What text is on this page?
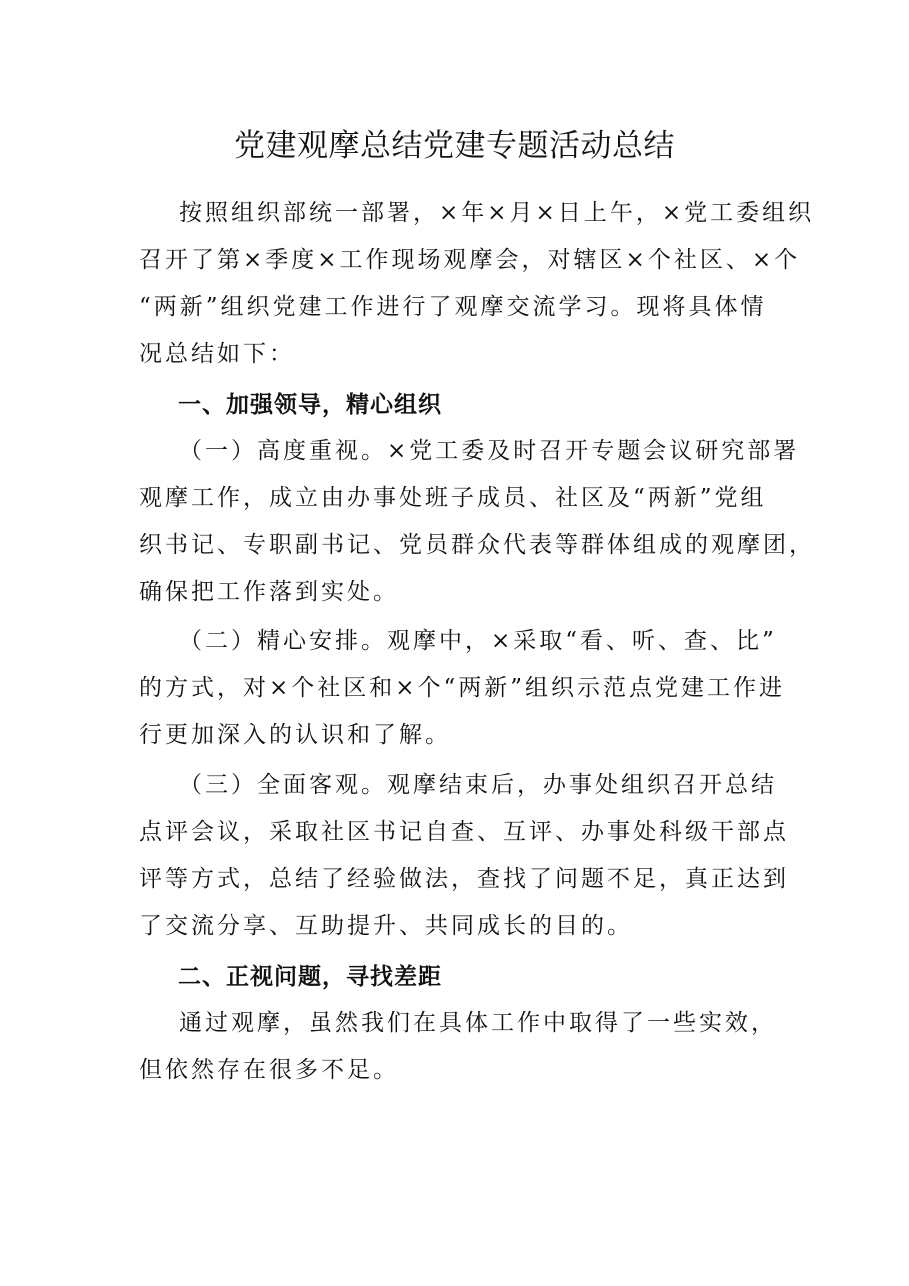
党建观摩总结党建专题活动总结
按照组织部统一部署，×年×月×日上午，×党工委组织
召开了第×季度×工作现场观摩会，对辖区×个社区、×个
“两新”组织党建工作进行了观摩交流学习。现将具体情
况总结如下：
一、加强领导，精心组织
（一）高度重视。×党工委及时召开专题会议研究部署
观摩工作，成立由办事处班子成员、社区及“两新”党组
织书记、专职副书记、党员群众代表等群体组成的观摩团，
确保把工作落到实处。
（二）精心安排。观摩中，×采取“看、听、查、比”
的方式，对×个社区和×个“两新”组织示范点党建工作进
行更加深入的认识和了解。
（三）全面客观。观摩结束后，办事处组织召开总结
点评会议，采取社区书记自查、互评、办事处科级干部点
评等方式，总结了经验做法，查找了问题不足，真正达到
了交流分享、互助提升、共同成长的目的。
二、正视问题，寻找差距
通过观摩，虽然我们在具体工作中取得了一些实效，
但依然存在很多不足。
